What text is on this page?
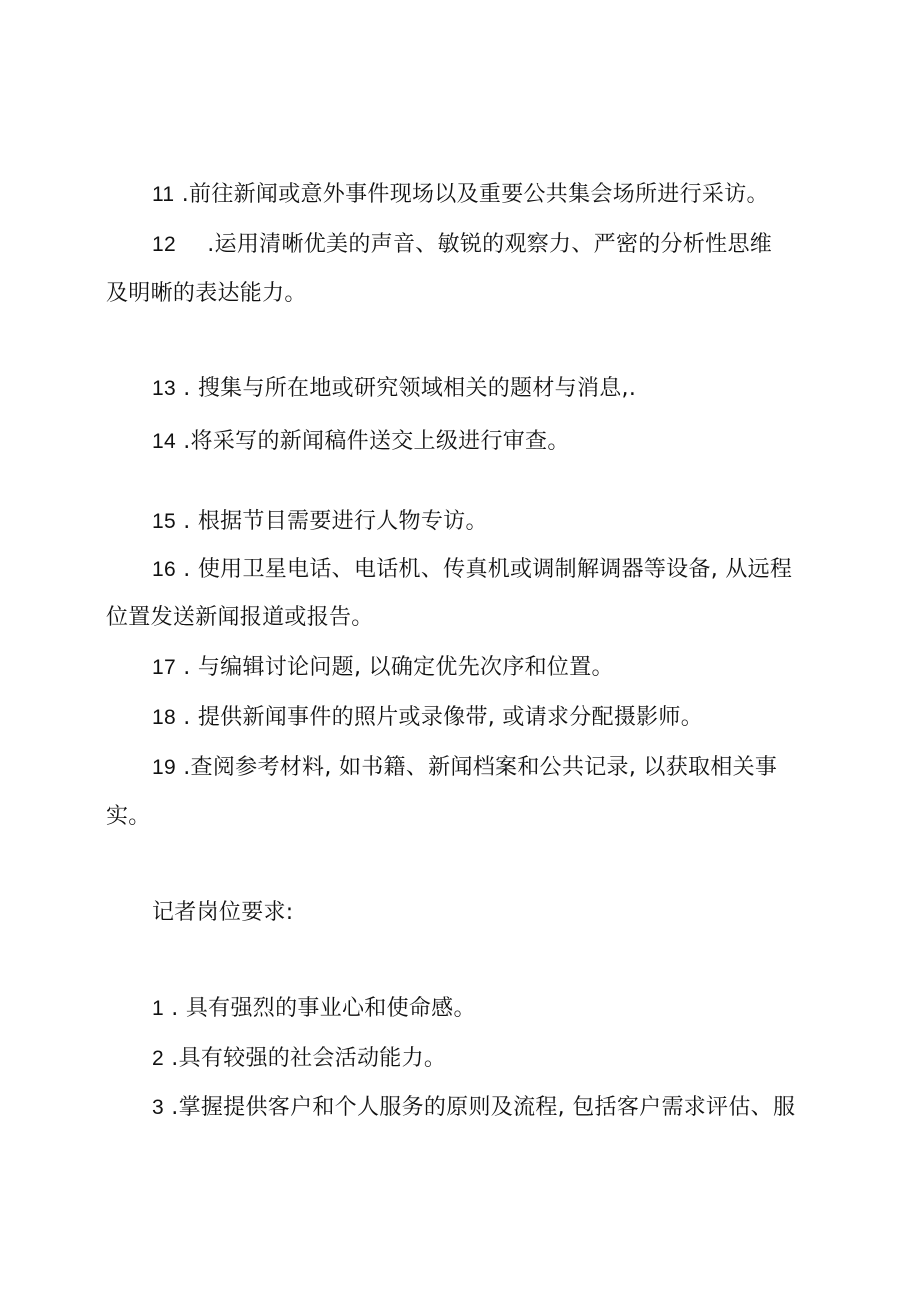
11 .前往新闻或意外事件现场以及重要公共集会场所进行采访。
12 .运用清晰优美的声音、敏锐的观察力、严密的分析性思维
及明晰的表达能力。
13 . 搜集与所在地或研究领域相关的题材与消息,.
14 .将采写的新闻稿件送交上级进行审查。
15 . 根据节目需要进行人物专访。
16 . 使用卫星电话、电话机、传真机或调制解调器等设备, 从远程
位置发送新闻报道或报告。
17 . 与编辑讨论问题, 以确定优先次序和位置。
18 . 提供新闻事件的照片或录像带, 或请求分配摄影师。
19 .查阅参考材料, 如书籍、新闻档案和公共记录, 以获取相关事
实。
记者岗位要求:
1 . 具有强烈的事业心和使命感。
2 .具有较强的社会活动能力。
3 .掌握提供客户和个人服务的原则及流程, 包括客户需求评估、服
